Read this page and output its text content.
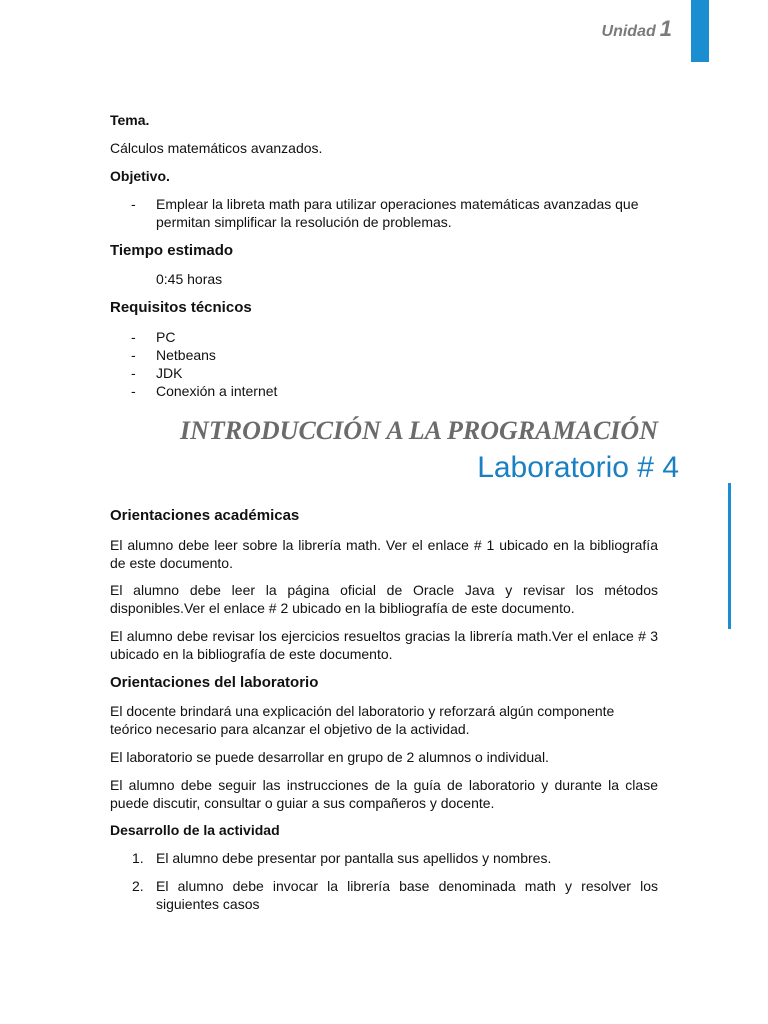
Unidad 1
Tema.
Cálculos matemáticos avanzados.
Objetivo.
- Emplear la libreta math para utilizar operaciones matemáticas avanzadas que permitan simplificar la resolución de problemas.
Tiempo estimado
0:45 horas
Requisitos técnicos
- PC
- Netbeans
- JDK
- Conexión a internet
INTRODUCCIÓN A LA PROGRAMACIÓN
Laboratorio # 4
Orientaciones académicas
El alumno debe leer sobre la librería math. Ver el enlace # 1 ubicado en la bibliografía de este documento.
El alumno debe leer la página oficial de Oracle Java y revisar los métodos disponibles.Ver el enlace # 2 ubicado en la bibliografía de este documento.
El alumno debe revisar los ejercicios resueltos gracias la librería math.Ver el enlace # 3 ubicado en la bibliografía de este documento.
Orientaciones del laboratorio
El docente brindará una explicación del laboratorio y reforzará algún componente teórico necesario para alcanzar el objetivo de la actividad.
El laboratorio se puede desarrollar en grupo de 2 alumnos o individual.
El alumno debe seguir las instrucciones de la guía de laboratorio y durante la clase puede discutir, consultar o guiar a sus compañeros y docente.
Desarrollo de la actividad
1. El alumno debe presentar por pantalla sus apellidos y nombres.
2. El alumno debe invocar la librería base denominada math y resolver los siguientes casos
